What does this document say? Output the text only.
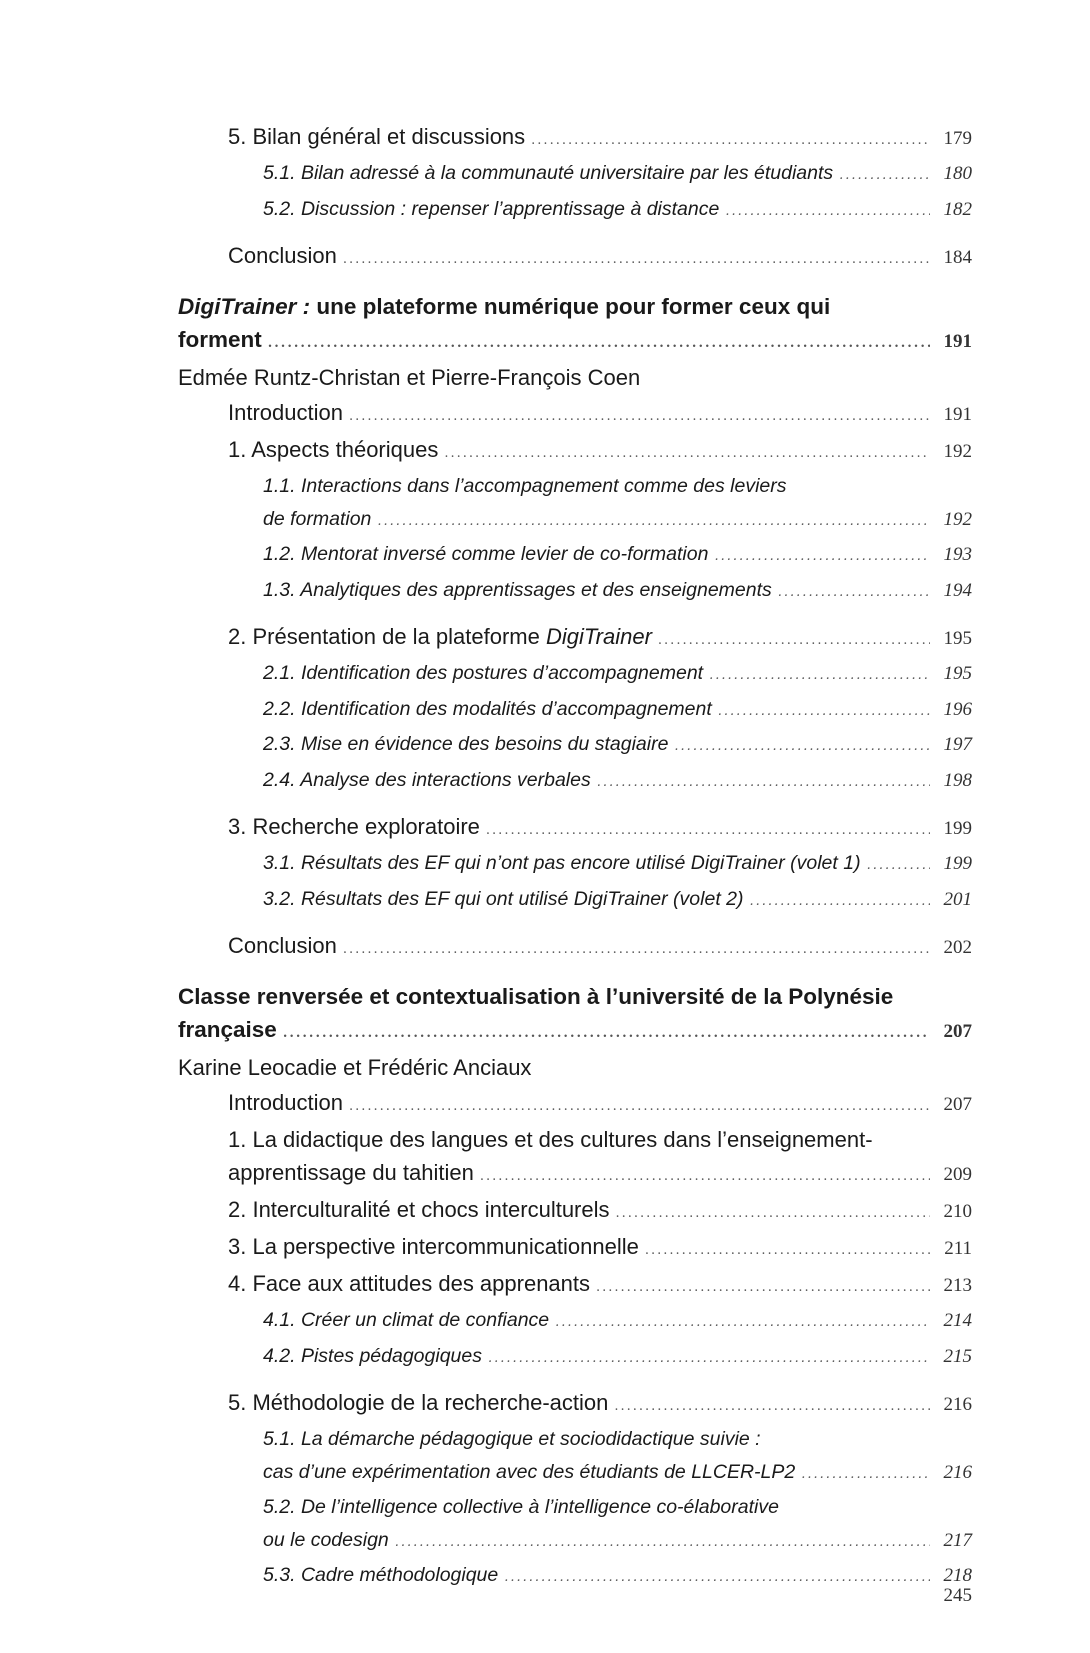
5. Bilan général et discussions .....	179
5.1. Bilan adressé à la communauté universitaire par les étudiants .....	180
5.2. Discussion : repenser l’apprentissage à distance .....	182
Conclusion .....	184
DigiTrainer : une plateforme numérique pour former ceux qui
forment .....	191
Edmée Runtz-Christan et Pierre-François Coen
Introduction .....	191
1. Aspects théoriques .....	192
1.1. Interactions dans l’accompagnement comme des leviers
de formation .....	192
1.2. Mentorat inversé comme levier de co-formation .....	193
1.3. Analytiques des apprentissages et des enseignements .....	194
2. Présentation de la plateforme DigiTrainer .....	195
2.1. Identification des postures d’accompagnement .....	195
2.2. Identification des modalités d’accompagnement .....	196
2.3. Mise en évidence des besoins du stagiaire .....	197
2.4. Analyse des interactions verbales .....	198
3. Recherche exploratoire .....	199
3.1. Résultats des EF qui n’ont pas encore utilisé DigiTrainer (volet 1) .....	199
3.2. Résultats des EF qui ont utilisé DigiTrainer (volet 2) .....	201
Conclusion .....	202
Classe renversée et contextualisation à l’université de la Polynésie
française .....	207
Karine Leocadie et Frédéric Anciaux
Introduction .....	207
1. La didactique des langues et des cultures dans l’enseignement-
apprentissage du tahitien .....	209
2. Interculturalité et chocs interculturels .....	210
3. La perspective intercommunicationnelle .....	211
4. Face aux attitudes des apprenants .....	213
4.1. Créer un climat de confiance .....	214
4.2. Pistes pédagogiques .....	215
5. Méthodologie de la recherche-action .....	216
5.1. La démarche pédagogique et sociodidactique suivie :
cas d’une expérimentation avec des étudiants de LLCER-LP2 .....	216
5.2. De l’intelligence collective à l’intelligence co-élaborative
ou le codesign .....	217
5.3. Cadre méthodologique .....	218
245
